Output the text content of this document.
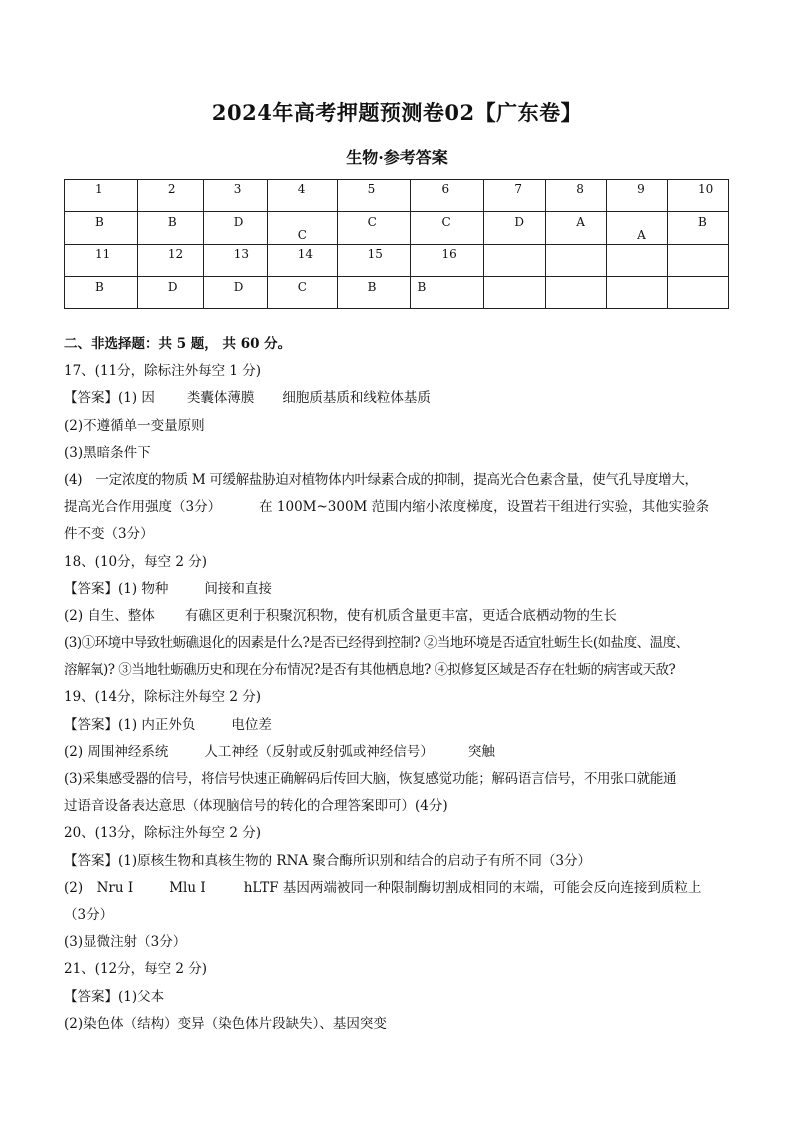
2024年高考押题预测卷02【广东卷】
生物·参考答案
1	2	3	4	5	6	7	8	9	10
B	B	D	C	C	C	D	A	A	B
11	12	13	14	15	16				
B	D	D	C	B	B				
二、非选择题：共 5 题， 共 60 分。
17、(11分，除标注外每空 1 分)
【答案】(1) 因 类囊体薄膜 细胞质基质和线粒体基质
(2)不遵循单一变量原则
(3)黑暗条件下
(4)　一定浓度的物质 M 可缓解盐胁迫对植物体内叶绿素合成的抑制，提高光合色素含量，使气孔导度增大，
提高光合作用强度（3分）	在 100M~300M 范围内缩小浓度梯度，设置若干组进行实验，其他实验条
件不变（3分）
18、(10分，每空 2 分)
【答案】(1) 物种	间接和直接
(2) 自生、整体 有礁区更利于积聚沉积物，使有机质含量更丰富，更适合底栖动物的生长
(3)①环境中导致牡蛎礁退化的因素是什么?是否已经得到控制? ②当地环境是否适宜牡蛎生长(如盐度、温度、
溶解氧)? ③当地牡蛎礁历史和现在分布情况?是否有其他栖息地? ④拟修复区域是否存在牡蛎的病害或天敌?
19、(14分，除标注外每空 2 分)
【答案】(1) 内正外负	电位差
(2) 周围神经系统	人工神经（反射或反射弧或神经信号）	突触
(3)采集感受器的信号，将信号快速正确解码后传回大脑，恢复感觉功能；解码语言信号，不用张口就能通
过语音设备表达意思（体现脑信号的转化的合理答案即可）(4分)
20、(13分，除标注外每空 2 分)
【答案】(1)原核生物和真核生物的 RNA 聚合酶所识别和结合的启动子有所不同（3分）
(2)　Nru I	Mlu I	hLTF 基因两端被同一种限制酶切割成相同的末端，可能会反向连接到质粒上
（3分）
(3)显微注射（3分）
21、(12分，每空 2 分)
【答案】(1)父本
(2)染色体（结构）变异（染色体片段缺失）、基因突变
